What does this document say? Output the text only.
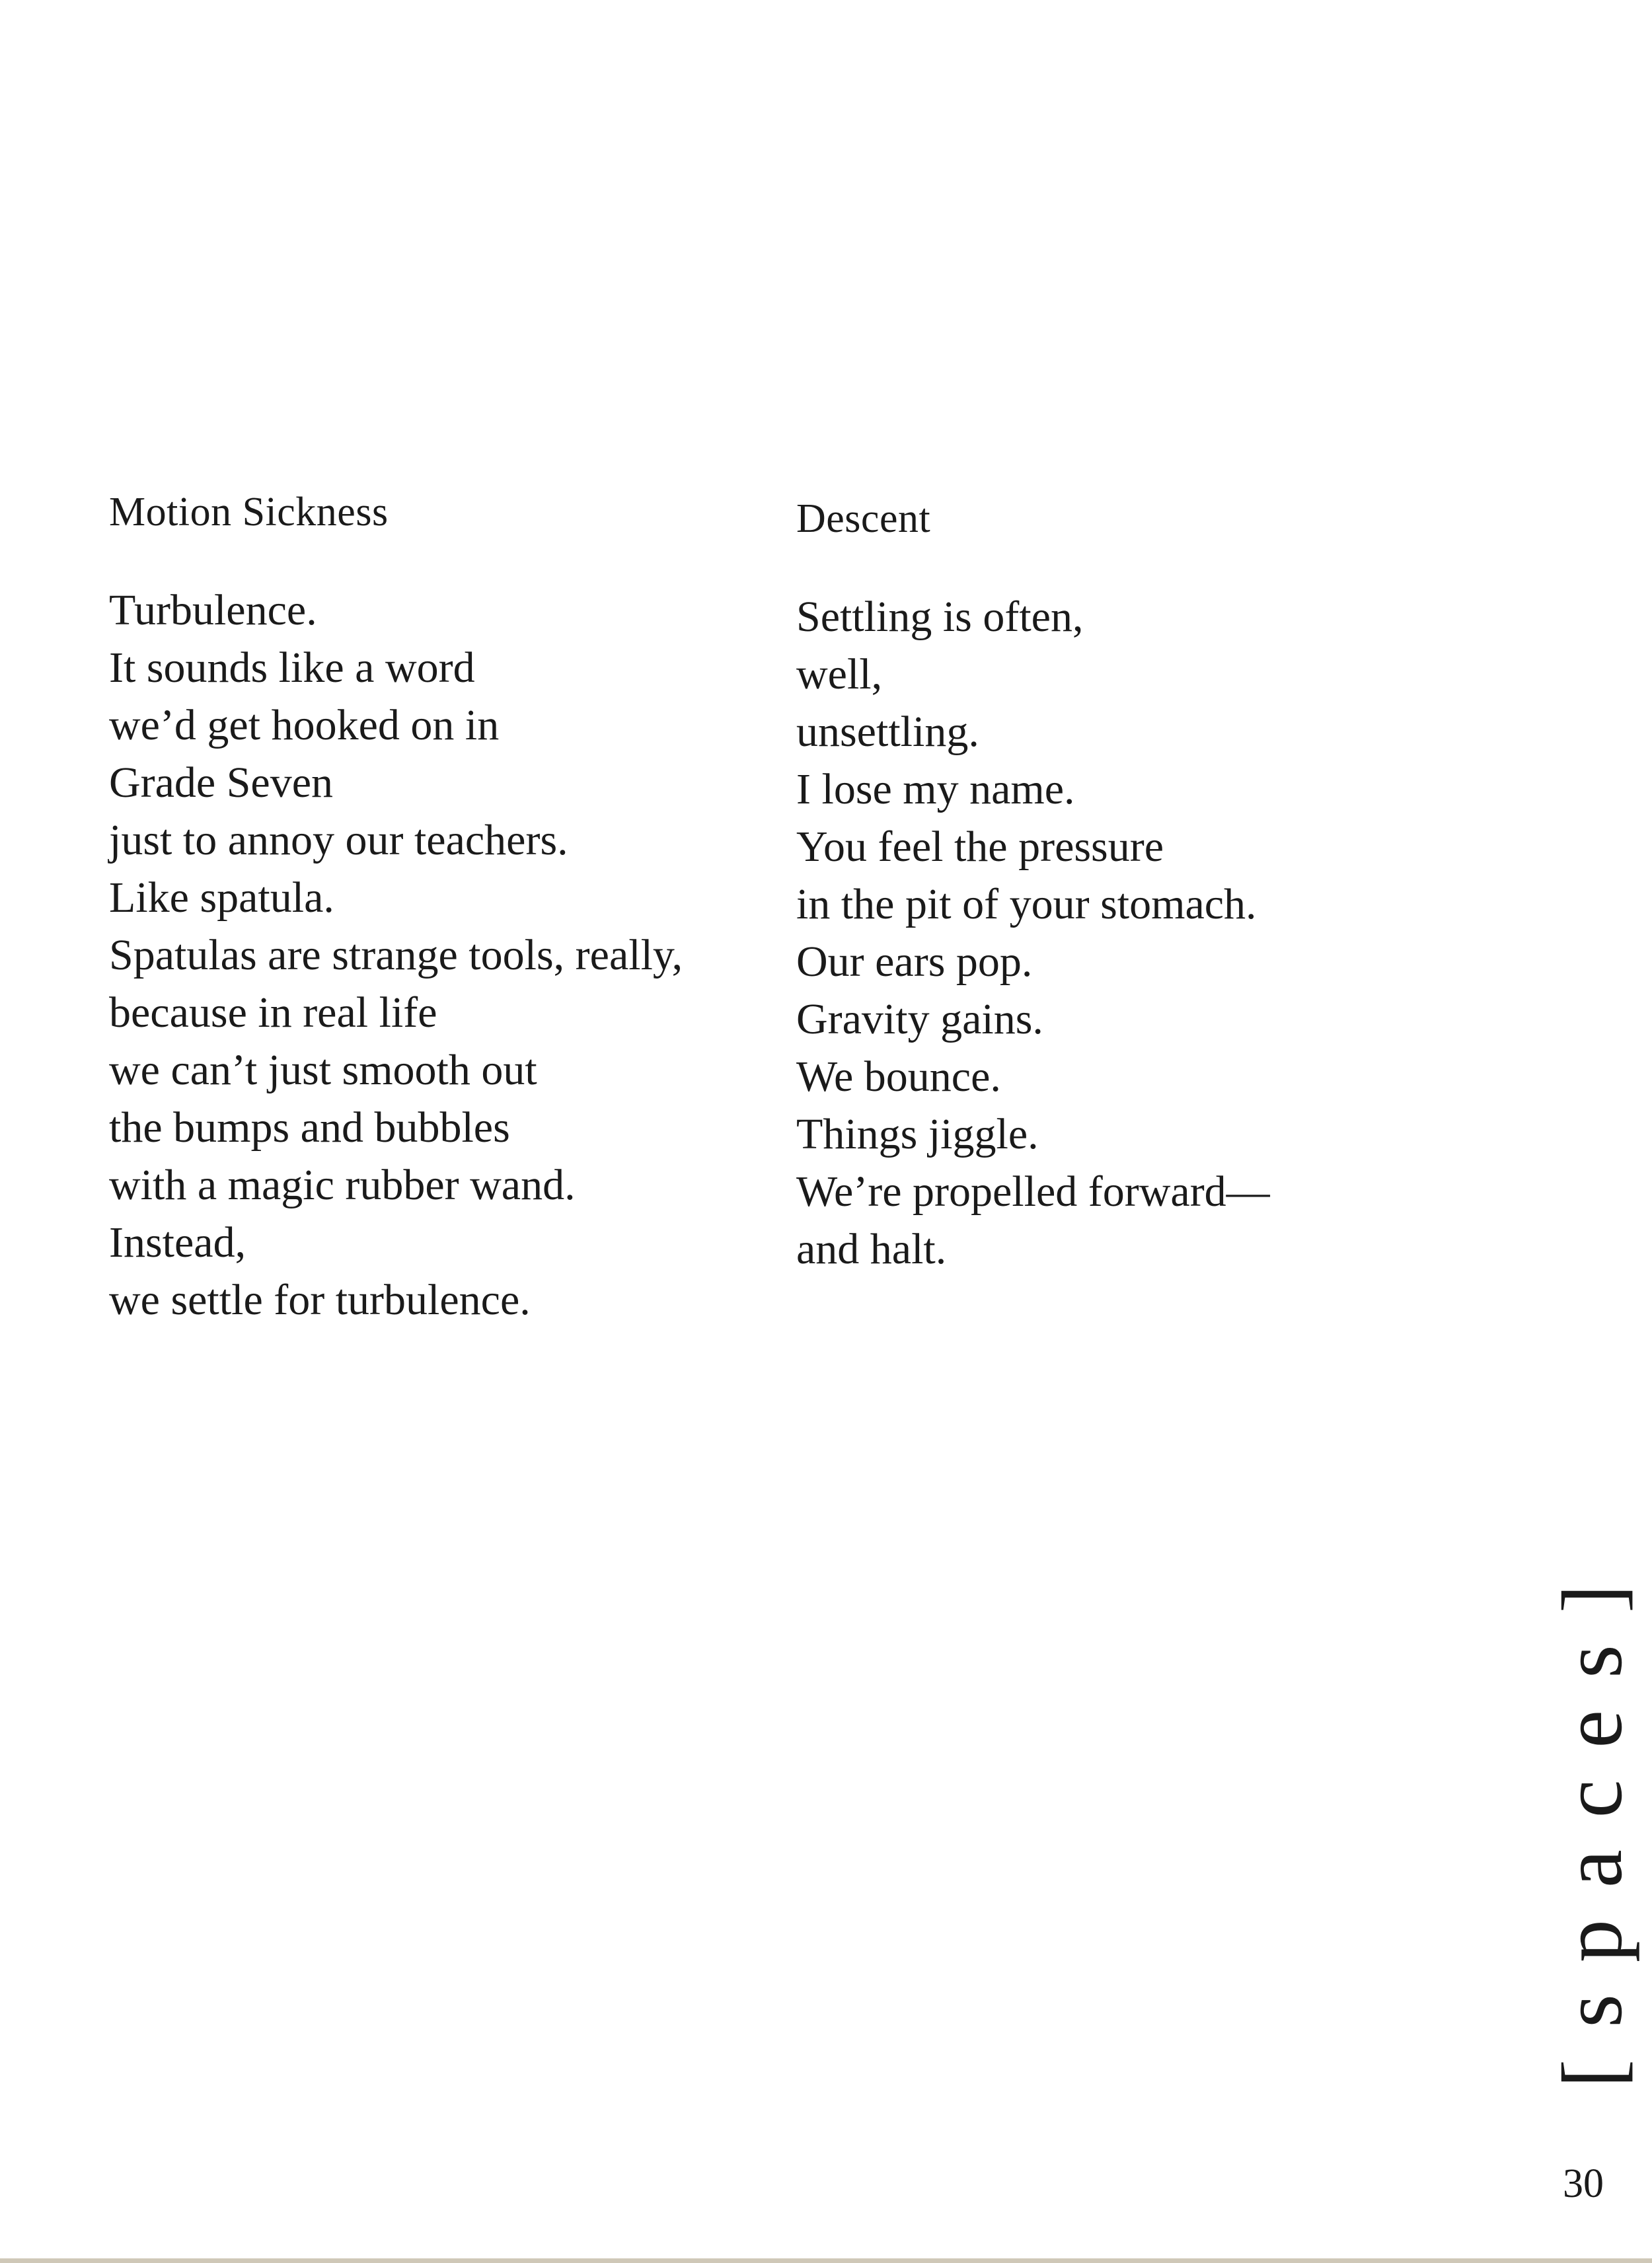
Motion Sickness
Turbulence.
It sounds like a word
we’d get hooked on in
Grade Seven
just to annoy our teachers.
Like spatula.
Spatulas are strange tools, really,
because in real life
we can’t just smooth out
the bumps and bubbles
with a magic rubber wand.
Instead,
we settle for turbulence.
Descent
Settling is often,
well,
unsettling.
I lose my name.
You feel the pressure
in the pit of your stomach.
Our ears pop.
Gravity gains.
We bounce.
Things jiggle.
We’re propelled forward—
and halt.
[spaces]
30
